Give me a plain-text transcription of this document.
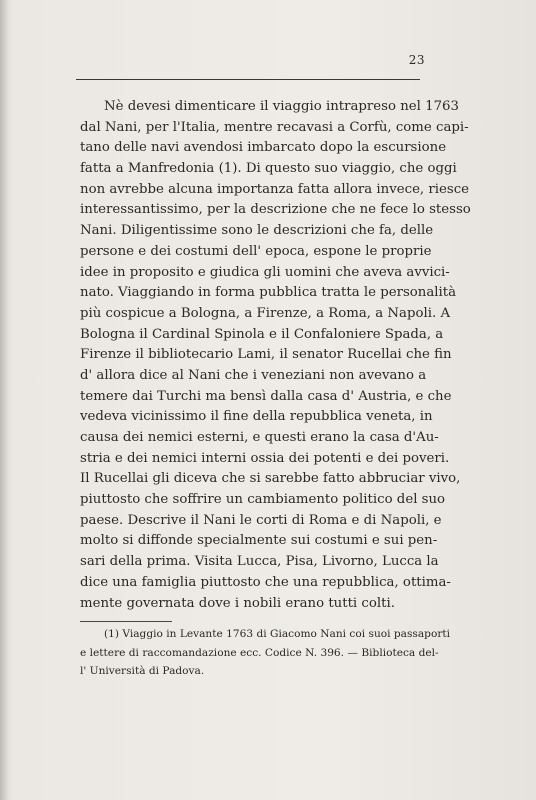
23
Nè devesi dimenticare il viaggio intrapreso nel 1763
dal Nani, per l'Italia, mentre recavasi a Corfù, come capi-
tano delle navi avendosi imbarcato dopo la escursione
fatta a Manfredonia (1). Di questo suo viaggio, che oggi
non avrebbe alcuna importanza fatta allora invece, riesce
interessantissimo, per la descrizione che ne fece lo stesso
Nani. Diligentissime sono le descrizioni che fa, delle
persone e dei costumi dell' epoca, espone le proprie
idee in proposito e giudica gli uomini che aveva avvici-
nato. Viaggiando in forma pubblica tratta le personalità
più cospicue a Bologna, a Firenze, a Roma, a Napoli. A
Bologna il Cardinal Spinola e il Confaloniere Spada, a
Firenze il bibliotecario Lami, il senator Rucellai che fin
d' allora dice al Nani che i veneziani non avevano a
temere dai Turchi ma bensì dalla casa d' Austria, e che
vedeva vicinissimo il fine della repubblica veneta, in
causa dei nemici esterni, e questi erano la casa d'Au-
stria e dei nemici interni ossia dei potenti e dei poveri.
Il Rucellai gli diceva che si sarebbe fatto abbruciar vivo,
piuttosto che soffrire un cambiamento politico del suo
paese. Descrive il Nani le corti di Roma e di Napoli, e
molto si diffonde specialmente sui costumi e sui pen-
sari della prima. Visita Lucca, Pisa, Livorno, Lucca la
dice una famiglia piuttosto che una repubblica, ottima-
mente governata dove i nobili erano tutti colti.
(1) Viaggio in Levante 1763 di Giacomo Nani coi suoi passaporti
e lettere di raccomandazione ecc. Codice N. 396. — Biblioteca del-
l' Università di Padova.
